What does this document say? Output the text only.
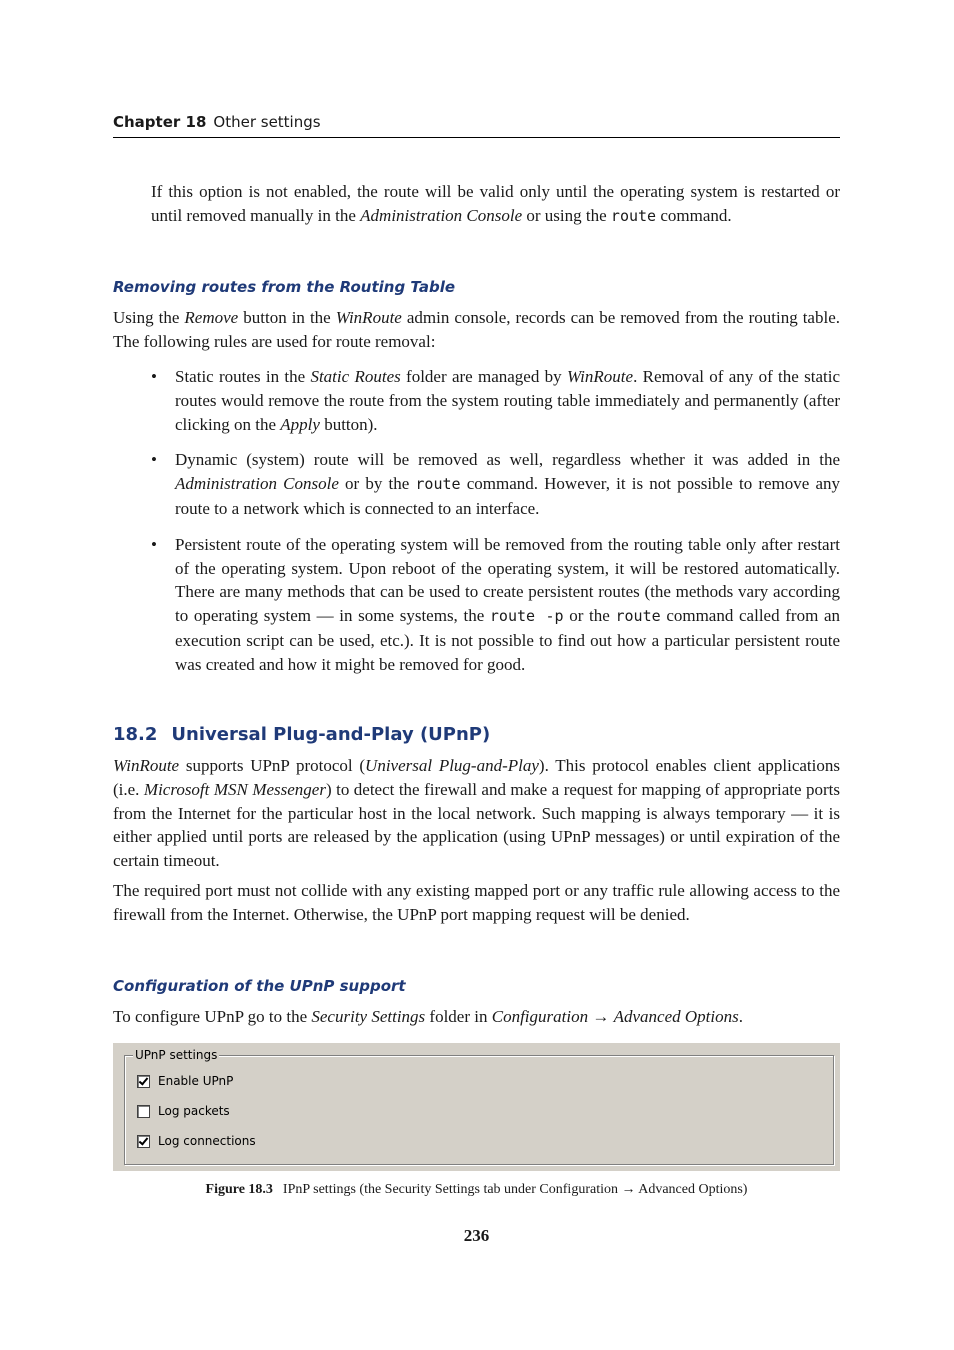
Chapter 18 Other settings

If this option is not enabled, the route will be valid only until the operating system is restarted or until removed manually in the Administration Console or using the route command.

Removing routes from the Routing Table

Using the Remove button in the WinRoute admin console, records can be removed from the routing table. The following rules are used for route removal:

• Static routes in the Static Routes folder are managed by WinRoute. Removal of any of the static routes would remove the route from the system routing table immediately and permanently (after clicking on the Apply button).

• Dynamic (system) route will be removed as well, regardless whether it was added in the Administration Console or by the route command. However, it is not possible to remove any route to a network which is connected to an interface.

• Persistent route of the operating system will be removed from the routing table only after restart of the operating system. Upon reboot of the operating system, it will be restored automatically. There are many methods that can be used to create persistent routes (the methods vary according to operating system — in some systems, the route -p or the route command called from an execution script can be used, etc.). It is not possible to find out how a particular persistent route was created and how it might be removed for good.

18.2 Universal Plug-and-Play (UPnP)

WinRoute supports UPnP protocol (Universal Plug-and-Play). This protocol enables client applications (i.e. Microsoft MSN Messenger) to detect the firewall and make a request for mapping of appropriate ports from the Internet for the particular host in the local network. Such mapping is always temporary — it is either applied until ports are released by the application (using UPnP messages) or until expiration of the certain timeout.

The required port must not collide with any existing mapped port or any traffic rule allowing access to the firewall from the Internet. Otherwise, the UPnP port mapping request will be denied.

Configuration of the UPnP support

To configure UPnP go to the Security Settings folder in Configuration → Advanced Options.

UPnP settings
Enable UPnP
Log packets
Log connections
Figure 18.3 IPnP settings (the Security Settings tab under Configuration → Advanced Options)
236
